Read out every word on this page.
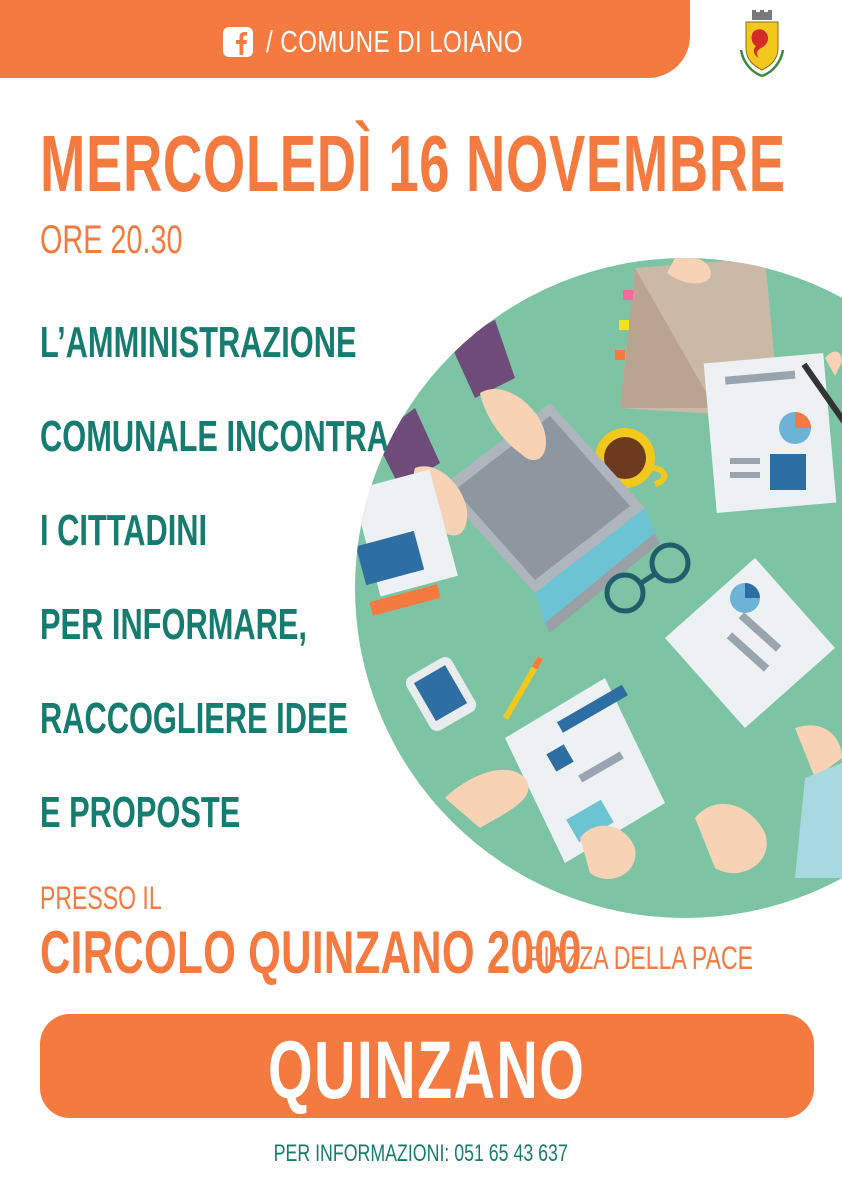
/ COMUNE DI LOIANO
MERCOLEDÌ 16 NOVEMBRE
ORE 20.30
L’AMMINISTRAZIONE
COMUNALE INCONTRA
I CITTADINI
PER INFORMARE,
RACCOGLIERE IDEE
E PROPOSTE
PRESSO IL
CIRCOLO QUINZANO 2000
PIAZZA DELLA PACE
QUINZANO
PER INFORMAZIONI: 051 65 43 637
